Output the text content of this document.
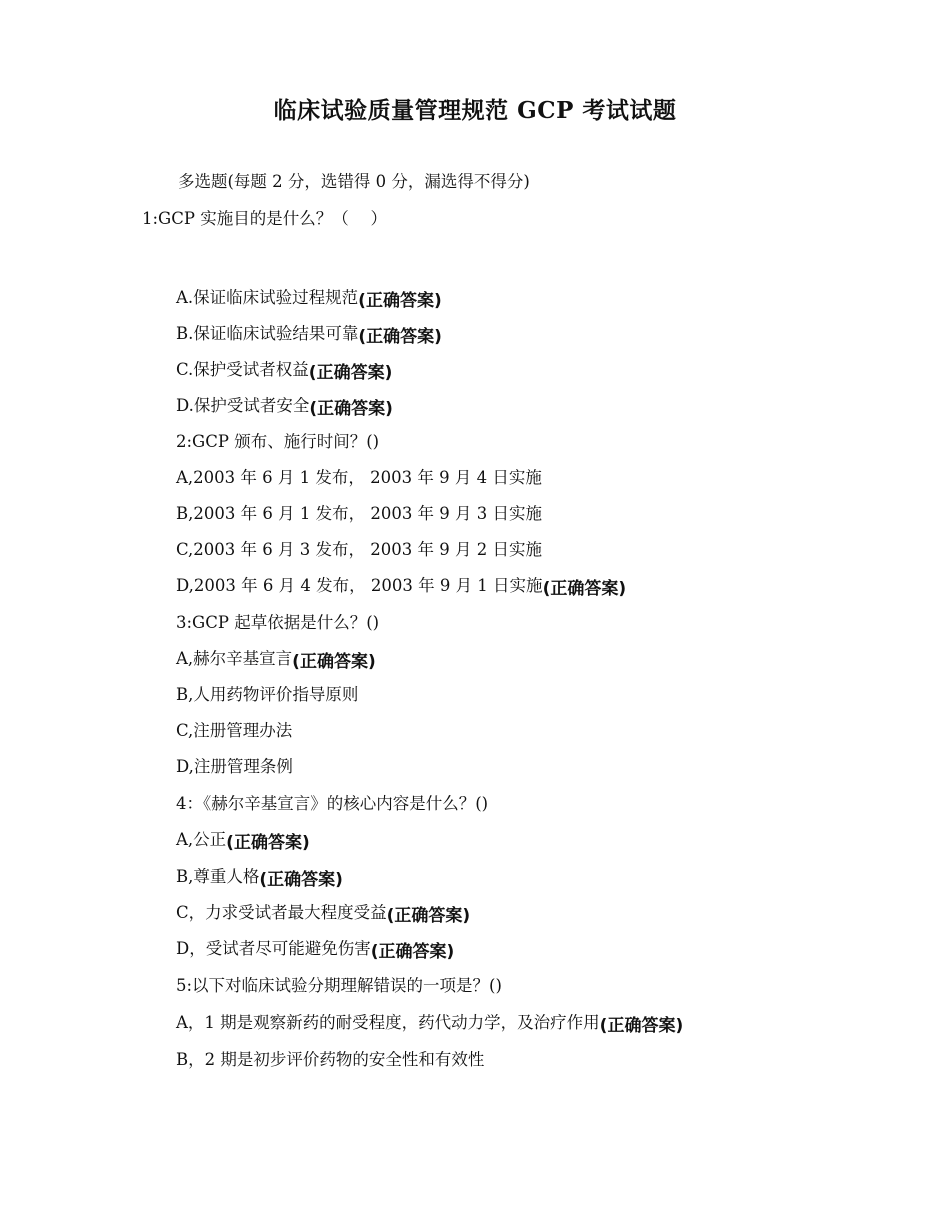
临床试验质量管理规范 GCP 考试试题
多选题(每题 2 分，选错得 0 分，漏选得不得分)
1:GCP 实施目的是什么？（　 ）
A.保证临床试验过程规范(正确答案)
B.保证临床试验结果可靠(正确答案)
C.保护受试者权益(正确答案)
D.保护受试者安全(正确答案)
2:GCP 颁布、施行时间？()
A,2003 年 6 月 1 发布， 2003 年 9 月 4 日实施
B,2003 年 6 月 1 发布， 2003 年 9 月 3 日实施
C,2003 年 6 月 3 发布， 2003 年 9 月 2 日实施
D,2003 年 6 月 4 发布， 2003 年 9 月 1 日实施(正确答案)
3:GCP 起草依据是什么？()
A,赫尔辛基宣言(正确答案)
B,人用药物评价指导原则
C,注册管理办法
D,注册管理条例
4：《赫尔辛基宣言》的核心内容是什么？()
A,公正(正确答案)
B,尊重人格(正确答案)
C，力求受试者最大程度受益(正确答案)
D，受试者尽可能避免伤害(正确答案)
5:以下对临床试验分期理解错误的一项是？()
A，1 期是观察新药的耐受程度，药代动力学，及治疗作用(正确答案)
B，2 期是初步评价药物的安全性和有效性
